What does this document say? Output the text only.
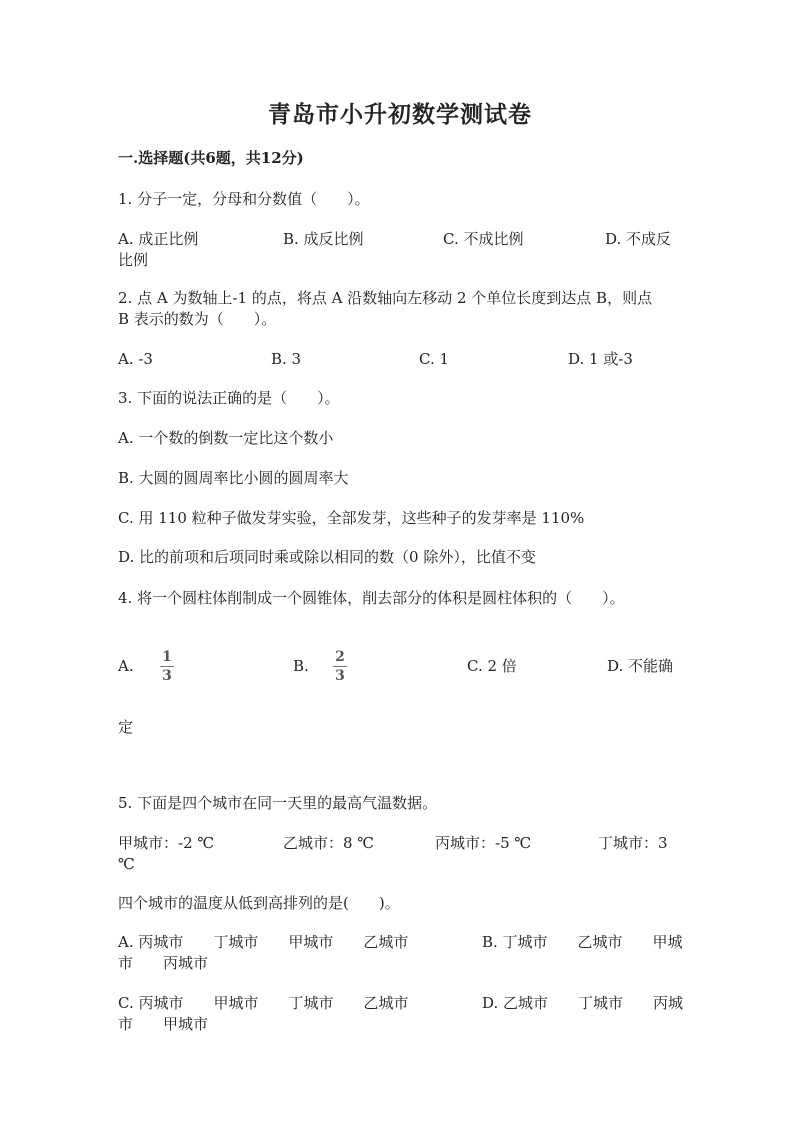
青岛市小升初数学测试卷
一.选择题(共6题，共12分)
1. 分子一定，分母和分数值（　　）。
A. 成正比例	B. 成反比例	C. 不成比例	D. 不成反
比例
2. 点 A 为数轴上-1 的点，将点 A 沿数轴向左移动 2 个单位长度到达点 B，则点
B 表示的数为（　　）。
A. -3	B. 3	C. 1	D. 1 或-3
3. 下面的说法正确的是（　　）。
A. 一个数的倒数一定比这个数小
B. 大圆的圆周率比小圆的圆周率大
C. 用 110 粒种子做发芽实验，全部发芽，这些种子的发芽率是 110%
D. 比的前项和后项同时乘或除以相同的数（0 除外），比值不变
4. 将一个圆柱体削制成一个圆锥体，削去部分的体积是圆柱体积的（　　）。
A. 1
3
B. 2
3
C. 2 倍	D. 不能确
定
5. 下面是四个城市在同一天里的最高气温数据。
甲城市：-2 ℃	乙城市：8 ℃	丙城市：-5 ℃	丁城市：3
℃
四个城市的温度从低到高排列的是(　　)。
A. 丙城市　　丁城市　　甲城市　　乙城市	B. 丁城市　　乙城市　　甲城
市　　丙城市
C. 丙城市　　甲城市　　丁城市　　乙城市	D. 乙城市　　丁城市　　丙城
市　　甲城市
